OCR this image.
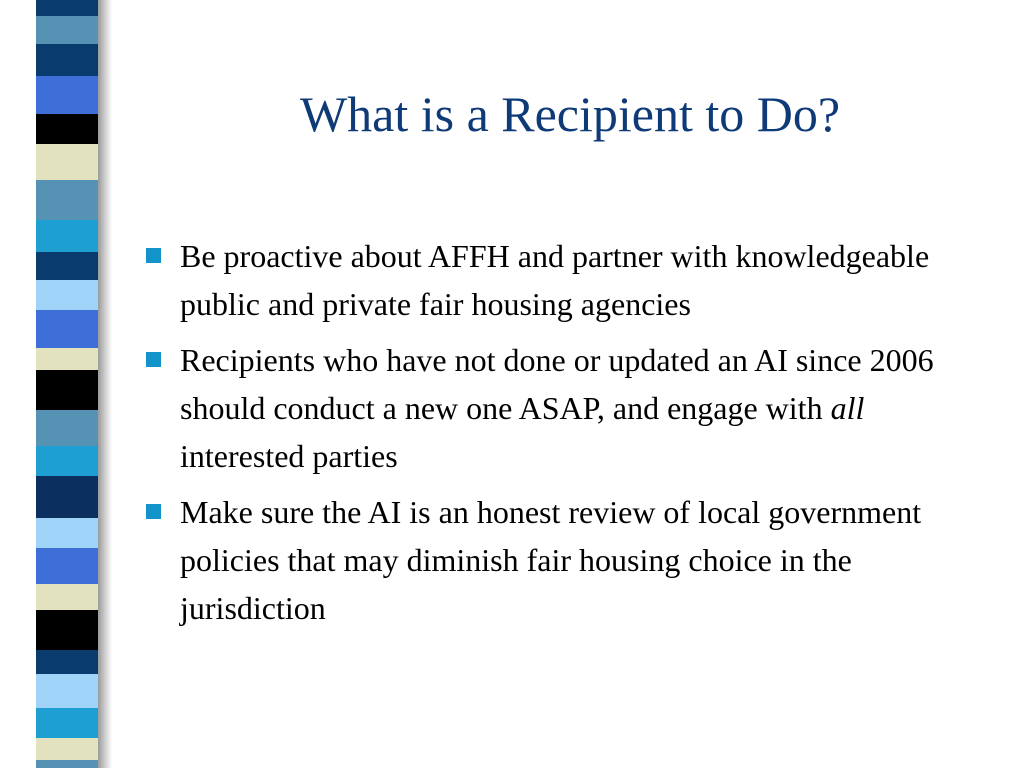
What is a Recipient to Do?
Be proactive about AFFH and partner with knowledgeable public and private fair housing agencies
Recipients who have not done or updated an AI since 2006 should conduct a new one ASAP, and engage with all interested parties
Make sure the AI is an honest review of local government policies that may diminish fair housing choice in the jurisdiction
